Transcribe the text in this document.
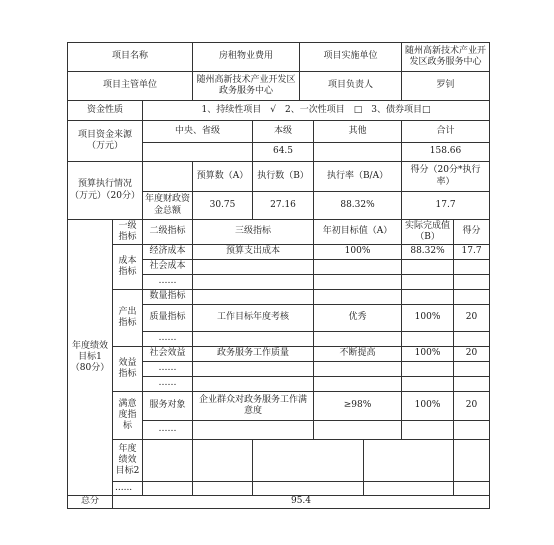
项目名称			房租物业费用		项目实施单位			随州高新技术产业开发区政务服务中心		
项目主管单位			随州高新技术产业开发区政务服务中心		项目负责人			罗钊		
资金性质		1、持续性项目　√　2、一次性项目　□　3、债券项目□								
项目资金来源（万元）		中央、省级		本级		其他		合计		
				64.5				158.66		
预算执行情况（万元）（20分）			预算数（A）	执行数（B）		执行率（B/A）		得分（20分*执行率）		
		年度财政资金总额	30.75	27.16		88.32%		17.7		
年度绩效目标1（80分）	一级指标	二级指标	三级指标			年初目标值（A）		实际完成值（B）	得分	
	成本指标	经济成本	预算支出成本			100%		88.32%	17.7	
		社会成本								
		……								
	产出指标	数量指标								
		质量指标	工作目标年度考核			优秀		100%	20	
		……								
	效益指标	社会效益	政务服务工作质量			不断提高		100%	20	
		……								
		……								
	满意度指标	服务对象	企业群众对政务服务工作满意度			≥98%		100%	20	
		……								
	年度绩效目标2									
	......									
总分	95.4									
